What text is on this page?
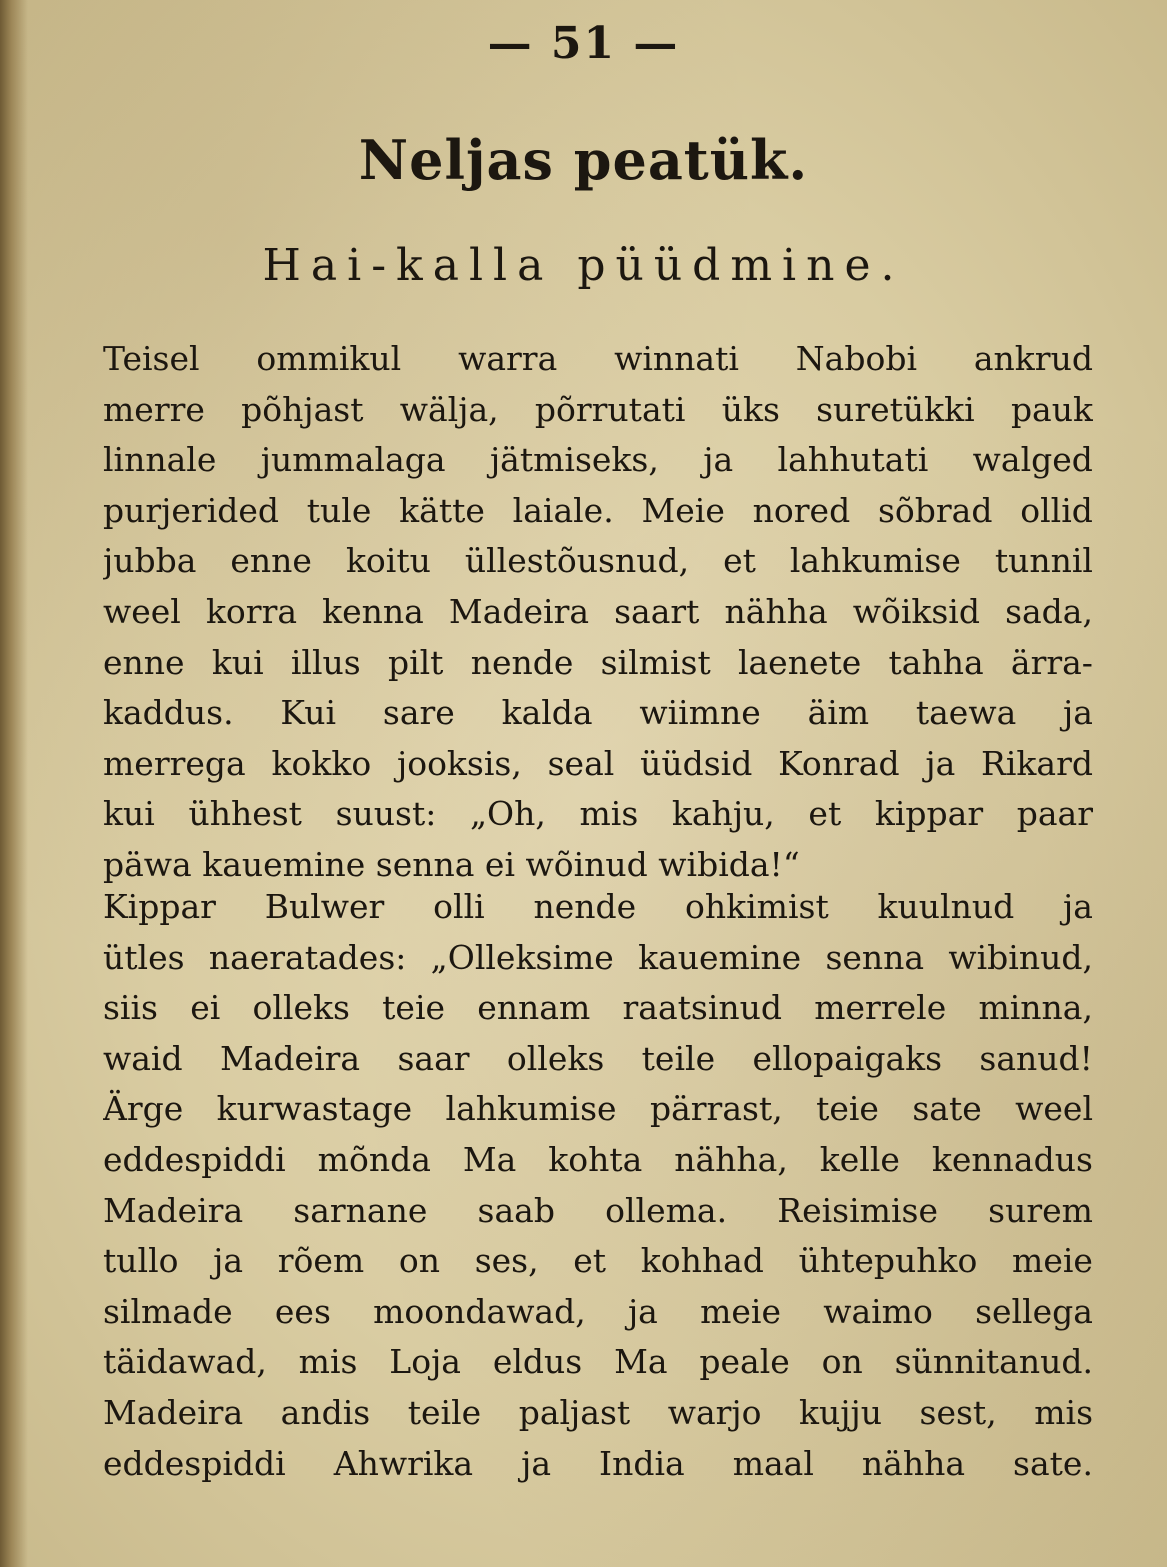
— 51 —
Neljas peatük.
Hai-kalla püüdmine.
Teisel ommikul warra winnati Nabobi ankrud
merre põhjast wälja, põrrutati üks suretükki pauk
linnale jummalaga jätmiseks, ja lahhutati walged
purjerided tule kätte laiale. Meie nored sõbrad ollid
jubba enne koitu üllestõusnud, et lahkumise tunnil
weel korra kenna Madeira saart nähha wõiksid sada,
enne kui illus pilt nende silmist laenete tahha ärra-
kaddus. Kui sare kalda wiimne äim taewa ja
merrega kokko jooksis, seal üüdsid Konrad ja Rikard
kui ühhest suust: „Oh, mis kahju, et kippar paar
päwa kauemine senna ei wõinud wibida!“
Kippar Bulwer olli nende ohkimist kuulnud ja
ütles naeratades: „Olleksime kauemine senna wibinud,
siis ei olleks teie ennam raatsinud merrele minna,
waid Madeira saar olleks teile ellopaigaks sanud!
Ärge kurwastage lahkumise pärrast, teie sate weel
eddespiddi mõnda Ma kohta nähha, kelle kennadus
Madeira sarnane saab ollema. Reisimise surem
tullo ja rõem on ses, et kohhad ühtepuhko meie
silmade ees moondawad, ja meie waimo sellega
täidawad, mis Loja eldus Ma peale on sünnitanud.
Madeira andis teile paljast warjo kujju sest, mis
eddespiddi Ahwrika ja India maal nähha sate.
